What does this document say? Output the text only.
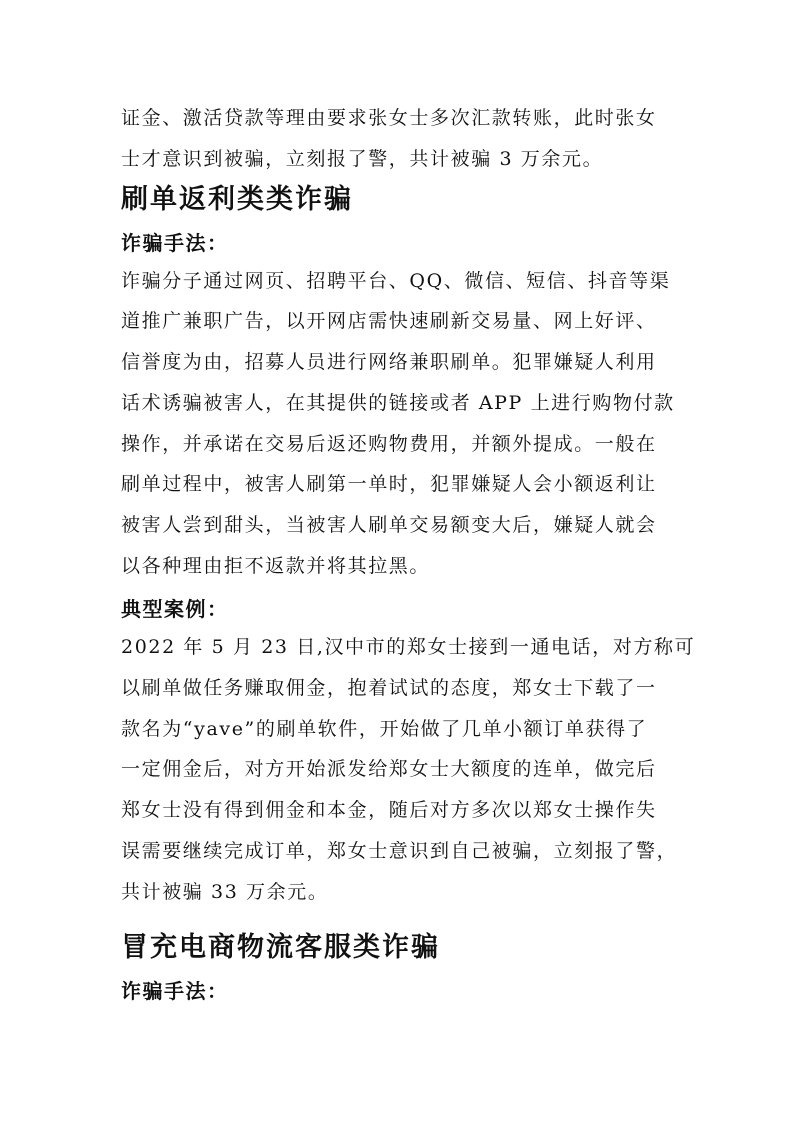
证金、激活贷款等理由要求张女士多次汇款转账，此时张女
士才意识到被骗，立刻报了警，共计被骗 3 万余元。
刷单返利类类诈骗
诈骗手法：
诈骗分子通过网页、招聘平台、QQ、微信、短信、抖音等渠
道推广兼职广告，以开网店需快速刷新交易量、网上好评、
信誉度为由，招募人员进行网络兼职刷单。犯罪嫌疑人利用
话术诱骗被害人，在其提供的链接或者 APP 上进行购物付款
操作，并承诺在交易后返还购物费用，并额外提成。一般在
刷单过程中，被害人刷第一单时，犯罪嫌疑人会小额返利让
被害人尝到甜头，当被害人刷单交易额变大后，嫌疑人就会
以各种理由拒不返款并将其拉黑。
典型案例：
2022 年 5 月 23 日,汉中市的郑女士接到一通电话，对方称可
以刷单做任务赚取佣金，抱着试试的态度，郑女士下载了一
款名为“yave”的刷单软件，开始做了几单小额订单获得了
一定佣金后，对方开始派发给郑女士大额度的连单，做完后
郑女士没有得到佣金和本金，随后对方多次以郑女士操作失
误需要继续完成订单，郑女士意识到自己被骗，立刻报了警，
共计被骗 33 万余元。
冒充电商物流客服类诈骗
诈骗手法：
